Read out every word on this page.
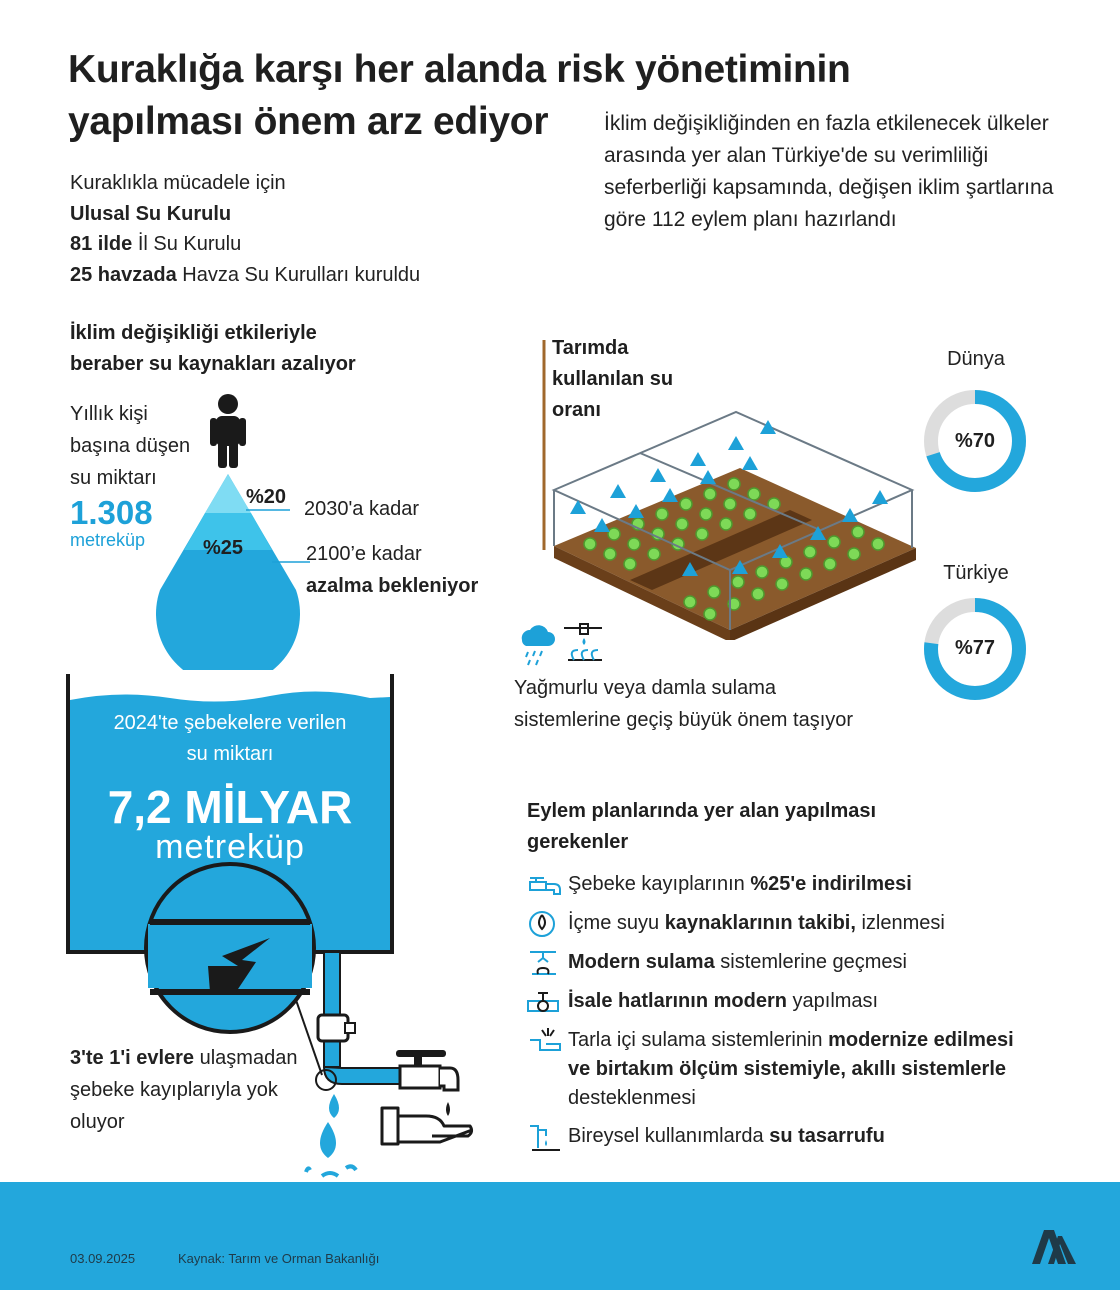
Kuraklığa karşı her alanda risk yönetiminin yapılması önem arz ediyor	İklim değişikliğinden en fazla etkilenecek ülkeler arasında yer alan Türkiye'de su verimliliği seferberliği kapsamında, değişen iklim şartlarına göre 112 eylem planı hazırlandı
Kuraklıkla mücadele için
Ulusal Su Kurulu
81 ilde İl Su Kurulu
25 havzada Havza Su Kurulları kuruldu
İklim değişikliği etkileriyle
beraber su kaynakları azalıyor
Yıllık kişi
başına düşen
su miktarı
1.308
metreküp
%20
2030'a kadar
%25	2100’e kadar
azalma bekleniyor
2024'te şebekelere verilen
su miktarı
7,2 MİLYAR
metreküp
3'te 1'i evlere ulaşmadan şebeke kayıplarıyla yok oluyor
Tarımda
kullanılan su
oranı
Dünya
%70
Türkiye
%77
Yağmurlu veya damla sulama sistemlerine geçiş büyük önem taşıyor
Eylem planlarında yer alan yapılması
gerekenler
Şebeke kayıplarının %25'e indirilmesi
İçme suyu kaynaklarının takibi, izlenmesi
Modern sulama sistemlerine geçmesi
İsale hatlarının modern yapılması
Tarla içi sulama sistemlerinin modernize edilmesi ve birtakım ölçüm sistemiyle, akıllı sistemlerle desteklenmesi
Bireysel kullanımlarda su tasarrufu
03.09.2025	Kaynak: Tarım ve Orman Bakanlığı
